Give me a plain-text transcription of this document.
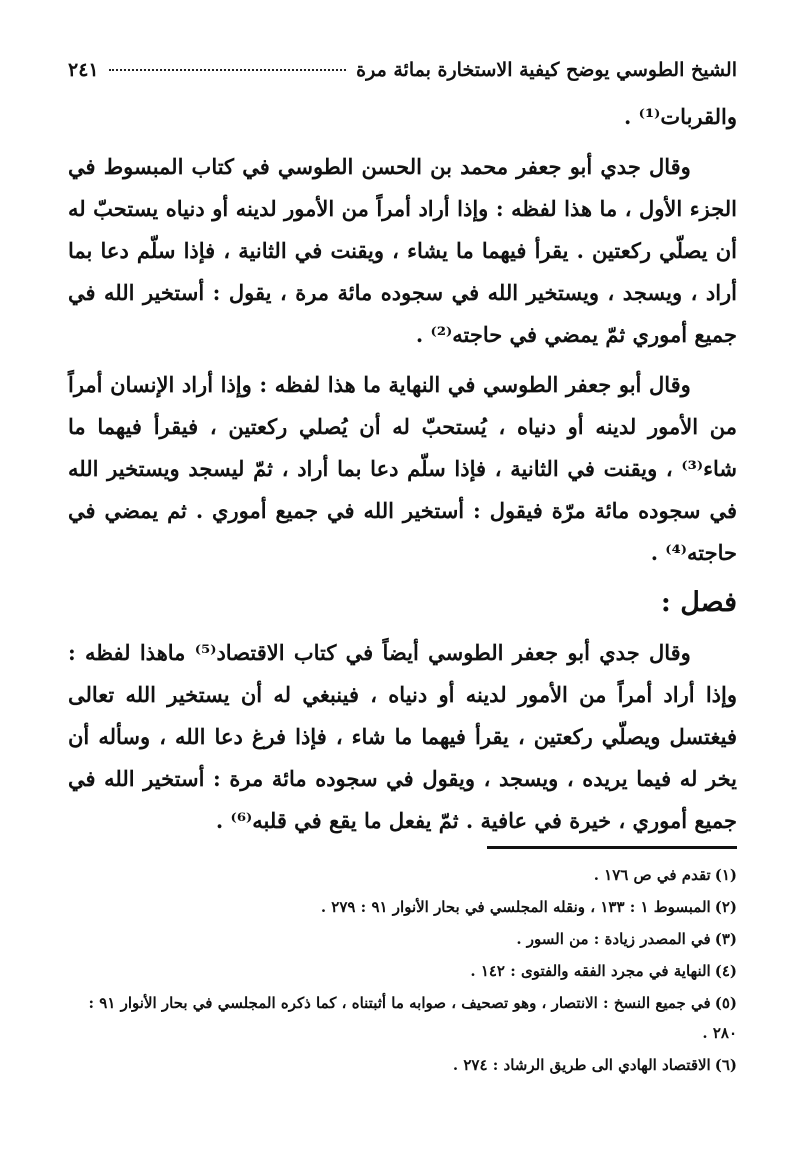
الشيخ الطوسي يوضح كيفية الاستخارة بمائة مرة
٢٤١

والقربات⁽¹⁾ .

وقال جدي أبو جعفر محمد بن الحسن الطوسي في كتاب المبسوط في الجزء الأول ، ما هذا لفظه : وإذا أراد أمراً من الأمور لدينه أو دنياه يستحبّ له أن يصلّي ركعتين . يقرأ فيهما ما يشاء ، ويقنت في الثانية ، فإذا سلّم دعا بما أراد ، ويسجد ، ويستخير الله في سجوده مائة مرة ، يقول : أستخير الله في جميع أموري ثمّ يمضي في حاجته⁽²⁾ .

وقال أبو جعفر الطوسي في النهاية ما هذا لفظه : وإذا أراد الإنسان أمراً من الأمور لدينه أو دنياه ، يُستحبّ له أن يُصلي ركعتين ، فيقرأ فيهما ما شاء⁽³⁾ ، ويقنت في الثانية ، فإذا سلّم دعا بما أراد ، ثمّ ليسجد ويستخير الله في سجوده مائة مرّة فيقول : أستخير الله في جميع أموري . ثم يمضي في حاجته⁽⁴⁾ .

فصل :

وقال جدي أبو جعفر الطوسي أيضاً في كتاب الاقتصاد⁽⁵⁾ ماهذا لفظه : وإذا أراد أمراً من الأمور لدينه أو دنياه ، فينبغي له أن يستخير الله تعالى فيغتسل ويصلّي ركعتين ، يقرأ فيهما ما شاء ، فإذا فرغ دعا الله ، وسأله أن يخر له فيما يريده ، ويسجد ، ويقول في سجوده مائة مرة : أستخير الله في جميع أموري ، خيرة في عافية . ثمّ يفعل ما يقع في قلبه⁽⁶⁾ .

(١)تقدم في ص ١٧٦ .
(٢)المبسوط ١ : ١٣٣ ، ونقله المجلسي في بحار الأنوار ٩١ : ٢٧٩ .
(٣)في المصدر زيادة : من السور .
(٤)النهاية في مجرد الفقه والفتوى : ١٤٢ .
(٥)في جميع النسخ : الانتصار ، وهو تصحيف ، صوابه ما أثبتناه ، كما ذكره المجلسي في بحار الأنوار ٩١ : ٢٨٠ .
(٦)الاقتصاد الهادي الى طريق الرشاد : ٢٧٤ .
